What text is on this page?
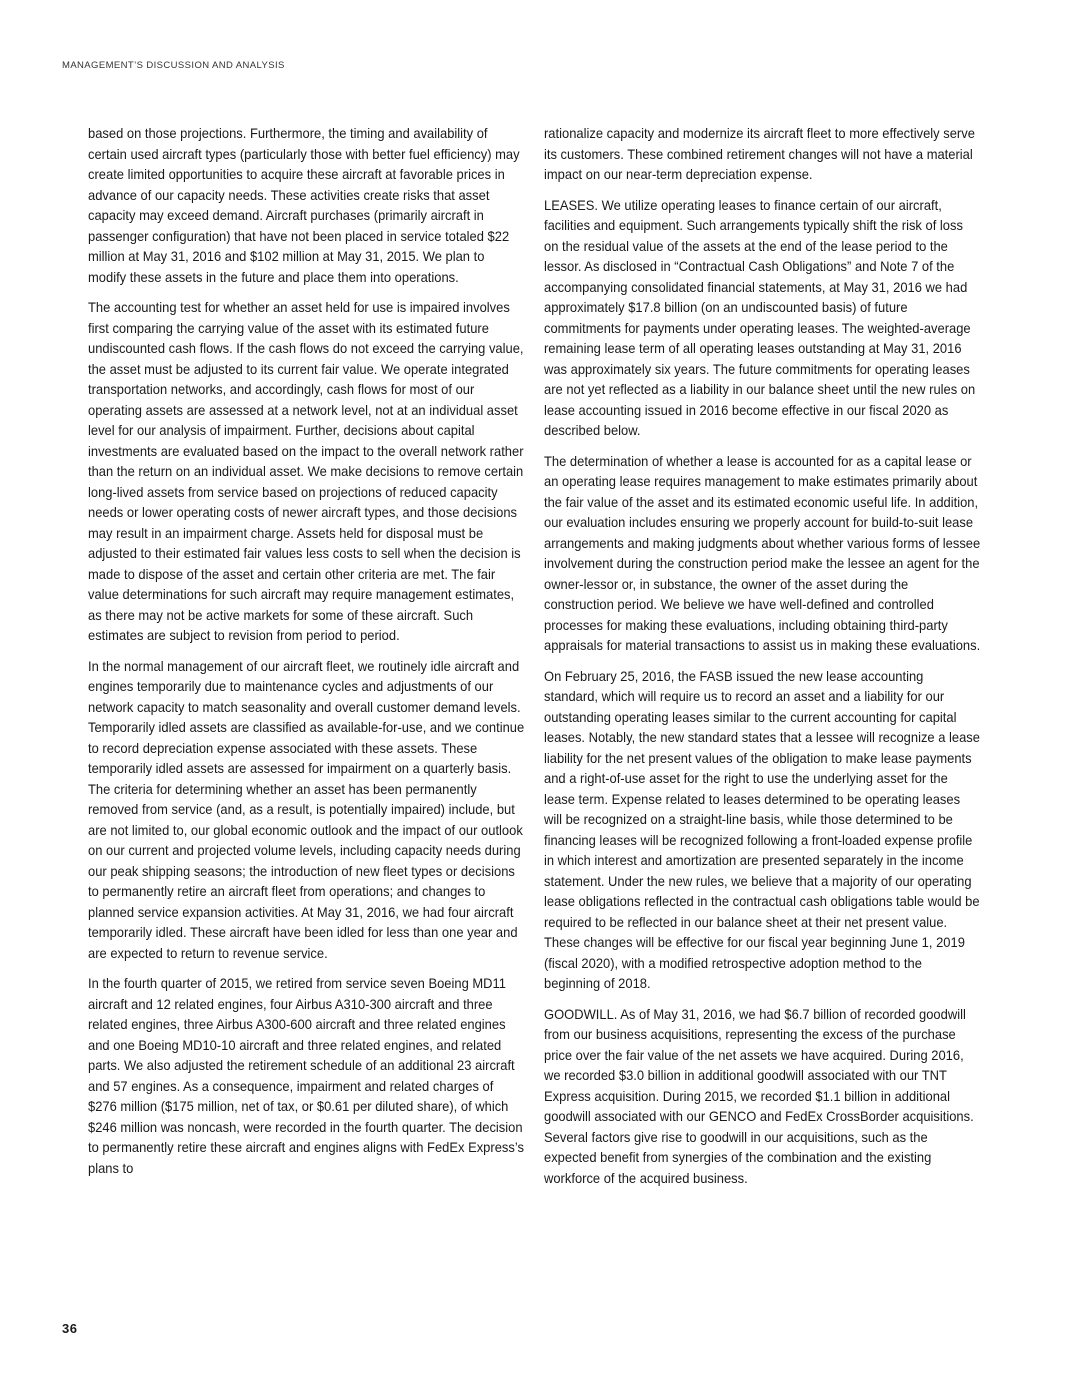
MANAGEMENT’S DISCUSSION AND ANALYSIS

based on those projections. Furthermore, the timing and availability of certain used aircraft types (particularly those with better fuel efficiency) may create limited opportunities to acquire these aircraft at favorable prices in advance of our capacity needs. These activities create risks that asset capacity may exceed demand. Aircraft purchases (primarily aircraft in passenger configuration) that have not been placed in service totaled $22 million at May 31, 2016 and $102 million at May 31, 2015. We plan to modify these assets in the future and place them into operations.

The accounting test for whether an asset held for use is impaired involves first comparing the carrying value of the asset with its estimated future undiscounted cash flows. If the cash flows do not exceed the carrying value, the asset must be adjusted to its current fair value. We operate integrated transportation networks, and accordingly, cash flows for most of our operating assets are assessed at a network level, not at an individual asset level for our analysis of impairment. Further, decisions about capital investments are evaluated based on the impact to the overall network rather than the return on an individual asset. We make decisions to remove certain long-lived assets from service based on projections of reduced capacity needs or lower operating costs of newer aircraft types, and those decisions may result in an impairment charge. Assets held for disposal must be adjusted to their estimated fair values less costs to sell when the decision is made to dispose of the asset and certain other criteria are met. The fair value determinations for such aircraft may require management estimates, as there may not be active markets for some of these aircraft. Such estimates are subject to revision from period to period.

In the normal management of our aircraft fleet, we routinely idle aircraft and engines temporarily due to maintenance cycles and adjustments of our network capacity to match seasonality and overall customer demand levels. Temporarily idled assets are classified as available-for-use, and we continue to record depreciation expense associated with these assets. These temporarily idled assets are assessed for impairment on a quarterly basis. The criteria for determining whether an asset has been permanently removed from service (and, as a result, is potentially impaired) include, but are not limited to, our global economic outlook and the impact of our outlook on our current and projected volume levels, including capacity needs during our peak shipping seasons; the introduction of new fleet types or decisions to permanently retire an aircraft fleet from operations; and changes to planned service expansion activities. At May 31, 2016, we had four aircraft temporarily idled. These aircraft have been idled for less than one year and are expected to return to revenue service.

In the fourth quarter of 2015, we retired from service seven Boeing MD11 aircraft and 12 related engines, four Airbus A310-300 aircraft and three related engines, three Airbus A300-600 aircraft and three related engines and one Boeing MD10-10 aircraft and three related engines, and related parts. We also adjusted the retirement schedule of an additional 23 aircraft and 57 engines. As a consequence, impairment and related charges of $276 million ($175 million, net of tax, or $0.61 per diluted share), of which $246 million was noncash, were recorded in the fourth quarter. The decision to permanently retire these aircraft and engines aligns with FedEx Express’s plans to

rationalize capacity and modernize its aircraft fleet to more effectively serve its customers. These combined retirement changes will not have a material impact on our near-term depreciation expense.

LEASES. We utilize operating leases to finance certain of our aircraft, facilities and equipment. Such arrangements typically shift the risk of loss on the residual value of the assets at the end of the lease period to the lessor. As disclosed in “Contractual Cash Obligations” and Note 7 of the accompanying consolidated financial statements, at May 31, 2016 we had approximately $17.8 billion (on an undiscounted basis) of future commitments for payments under operating leases. The weighted-average remaining lease term of all operating leases outstanding at May 31, 2016 was approximately six years. The future commitments for operating leases are not yet reflected as a liability in our balance sheet until the new rules on lease accounting issued in 2016 become effective in our fiscal 2020 as described below.

The determination of whether a lease is accounted for as a capital lease or an operating lease requires management to make estimates primarily about the fair value of the asset and its estimated economic useful life. In addition, our evaluation includes ensuring we properly account for build-to-suit lease arrangements and making judgments about whether various forms of lessee involvement during the construction period make the lessee an agent for the owner-lessor or, in substance, the owner of the asset during the construction period. We believe we have well-defined and controlled processes for making these evaluations, including obtaining third-party appraisals for material transactions to assist us in making these evaluations.

On February 25, 2016, the FASB issued the new lease accounting standard, which will require us to record an asset and a liability for our outstanding operating leases similar to the current accounting for capital leases. Notably, the new standard states that a lessee will recognize a lease liability for the net present values of the obligation to make lease payments and a right-of-use asset for the right to use the underlying asset for the lease term. Expense related to leases determined to be operating leases will be recognized on a straight-line basis, while those determined to be financing leases will be recognized following a front-loaded expense profile in which interest and amortization are presented separately in the income statement. Under the new rules, we believe that a majority of our operating lease obligations reflected in the contractual cash obligations table would be required to be reflected in our balance sheet at their net present value. These changes will be effective for our fiscal year beginning June 1, 2019 (fiscal 2020), with a modified retrospective adoption method to the beginning of 2018.

GOODWILL. As of May 31, 2016, we had $6.7 billion of recorded goodwill from our business acquisitions, representing the excess of the purchase price over the fair value of the net assets we have acquired. During 2016, we recorded $3.0 billion in additional goodwill associated with our TNT Express acquisition. During 2015, we recorded $1.1 billion in additional goodwill associated with our GENCO and FedEx CrossBorder acquisitions. Several factors give rise to goodwill in our acquisitions, such as the expected benefit from synergies of the combination and the existing workforce of the acquired business.

36
